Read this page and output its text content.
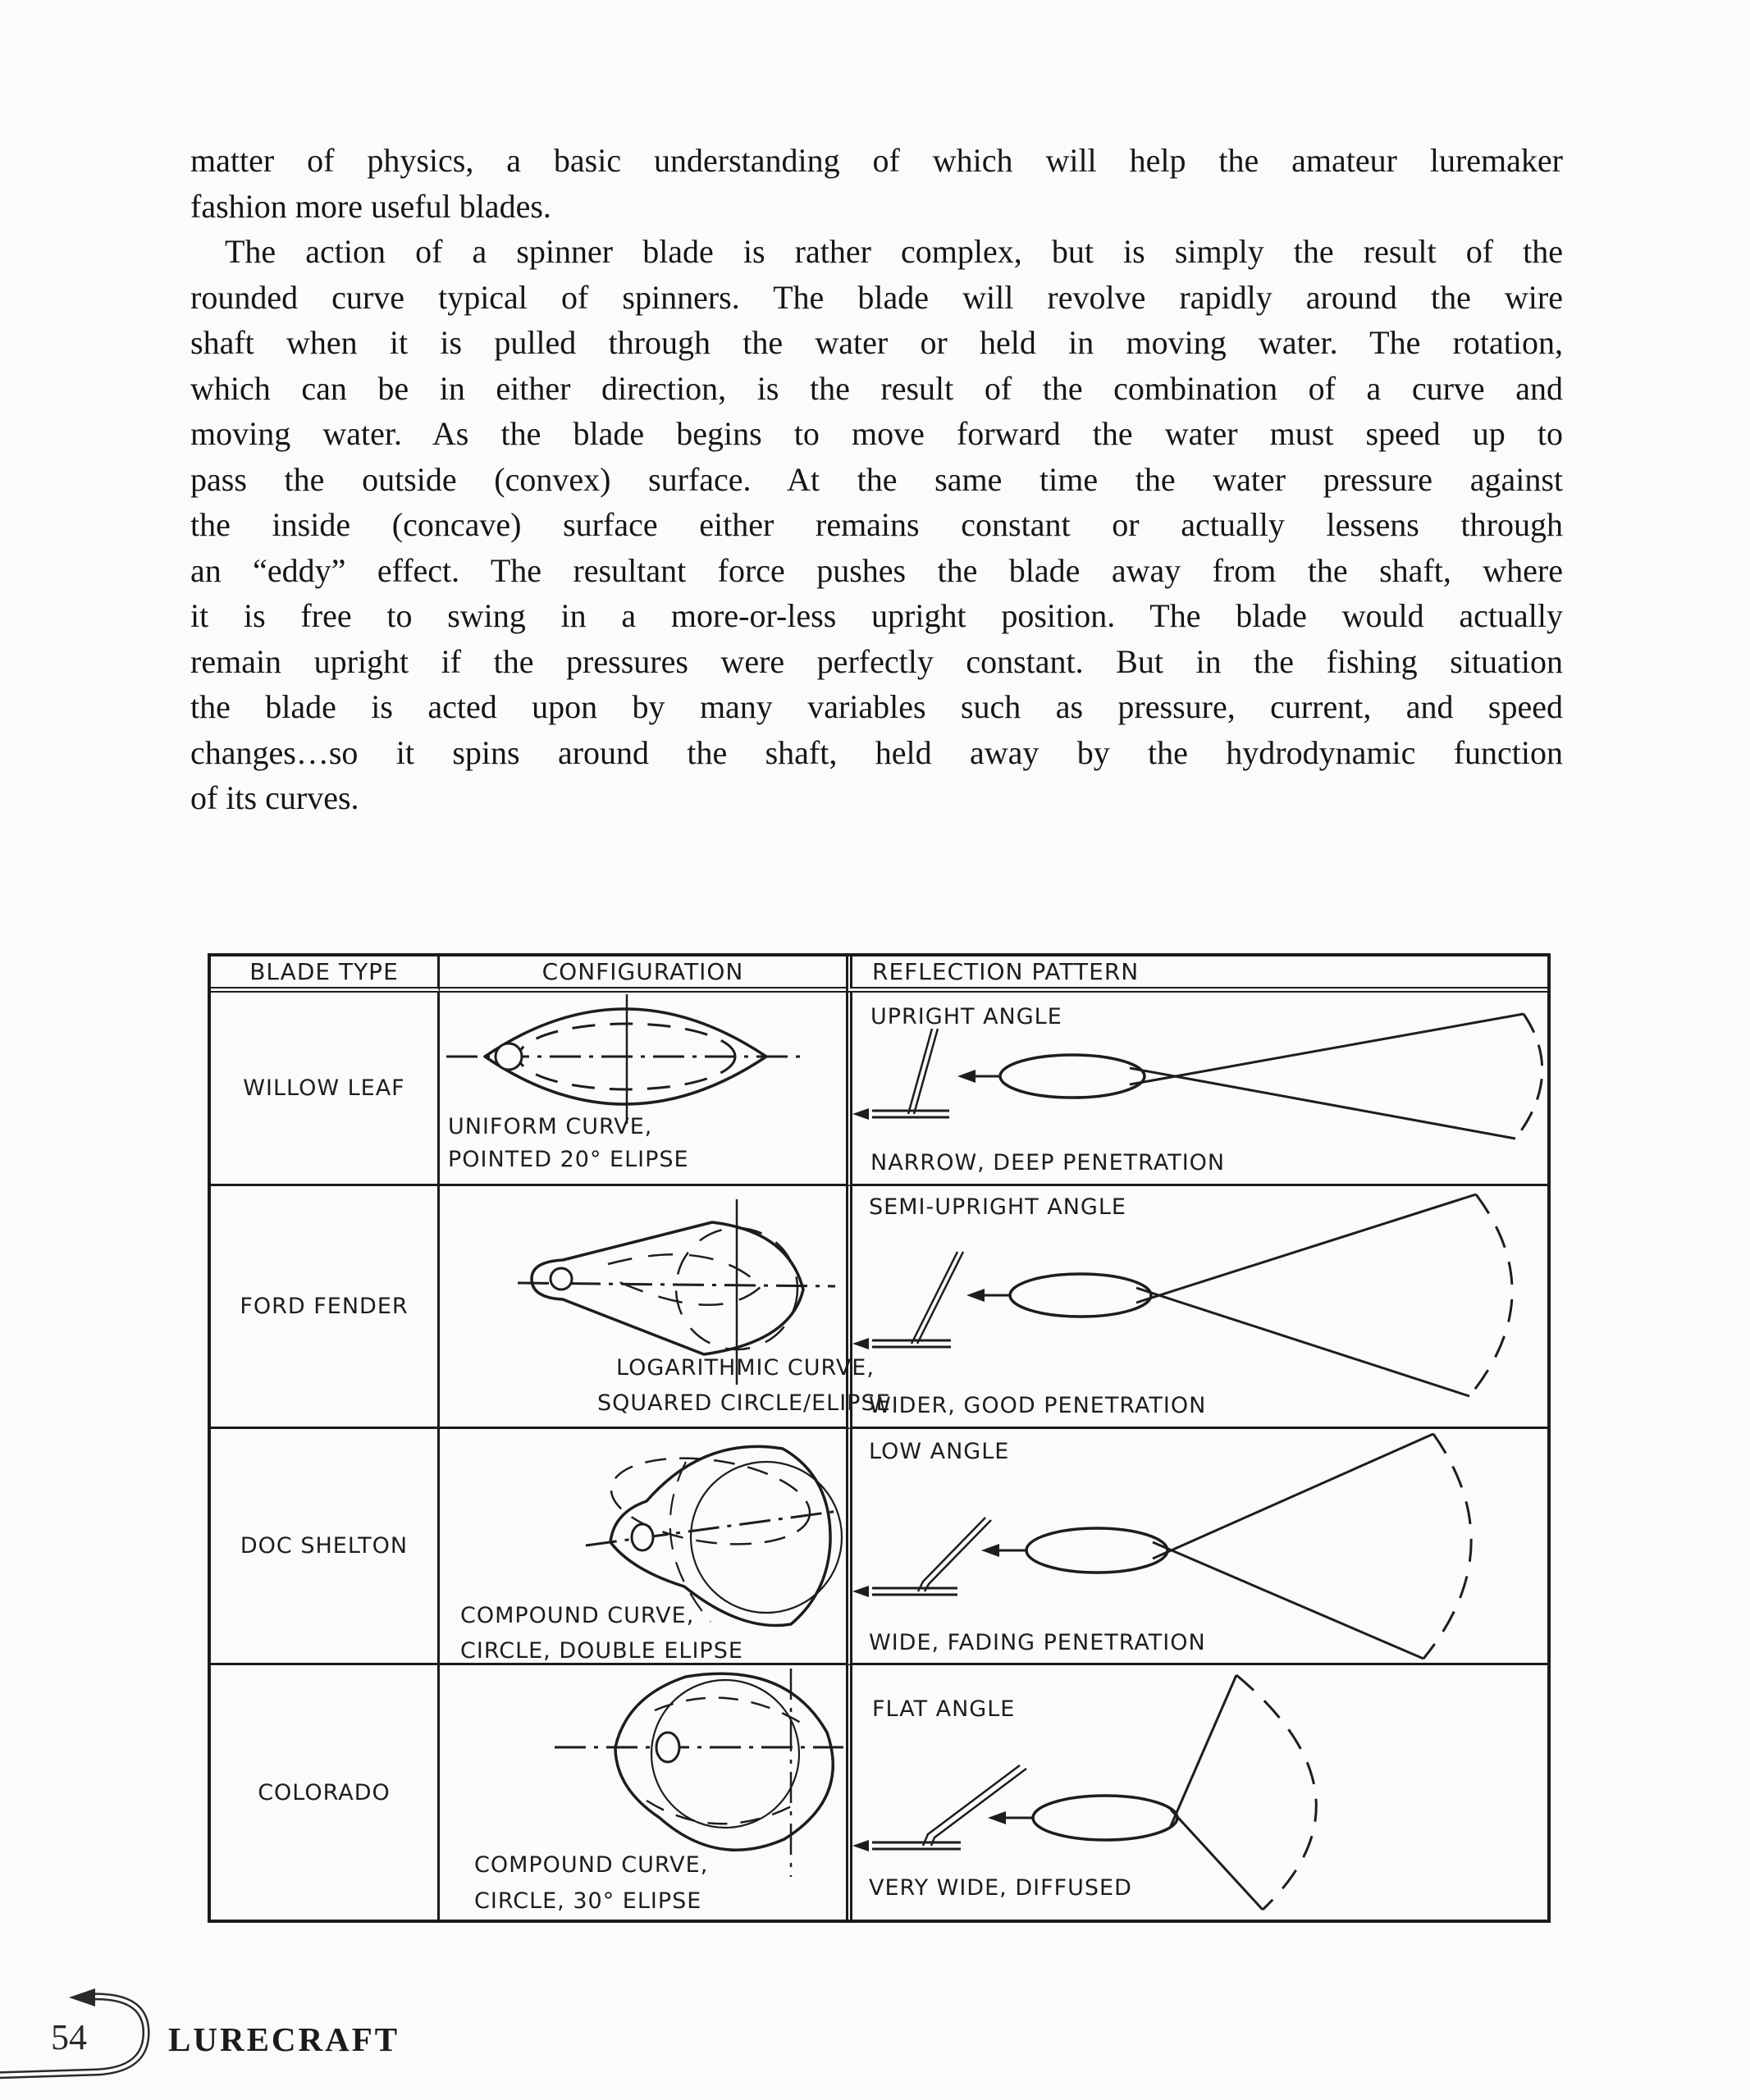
matter of physics, a basic understanding of which will help the amateur luremaker
fashion more useful blades.
The action of a spinner blade is rather complex, but is simply the result of the
rounded curve typical of spinners. The blade will revolve rapidly around the wire
shaft when it is pulled through the water or held in moving water. The rotation,
which can be in either direction, is the result of the combination of a curve and
moving water. As the blade begins to move forward the water must speed up to
pass the outside (convex) surface. At the same time the water pressure against
the inside (concave) surface either remains constant or actually lessens through
an “eddy” effect. The resultant force pushes the blade away from the shaft, where
it is free to swing in a more-or-less upright position. The blade would actually
remain upright if the pressures were perfectly constant. But in the fishing situation
the blade is acted upon by many variables such as pressure, current, and speed
changes…so it spins around the shaft, held away by the hydrodynamic function
of its curves.
BLADE TYPE	CONFIGURATION	REFLECTION PATTERN
WILLOW LEAF
UNIFORM CURVE,
POINTED 20° ELIPSE
UPRIGHT ANGLE
NARROW, DEEP PENETRATION
FORD FENDER
LOGARITHMIC CURVE,
SQUARED CIRCLE/ELIPSE
SEMI-UPRIGHT ANGLE
WIDER, GOOD PENETRATION
DOC SHELTON
COMPOUND CURVE,
CIRCLE, DOUBLE ELIPSE
LOW ANGLE
WIDE, FADING PENETRATION
COLORADO
COMPOUND CURVE,
CIRCLE, 30° ELIPSE
FLAT ANGLE
VERY WIDE, DIFFUSED
54 LURECRAFT
